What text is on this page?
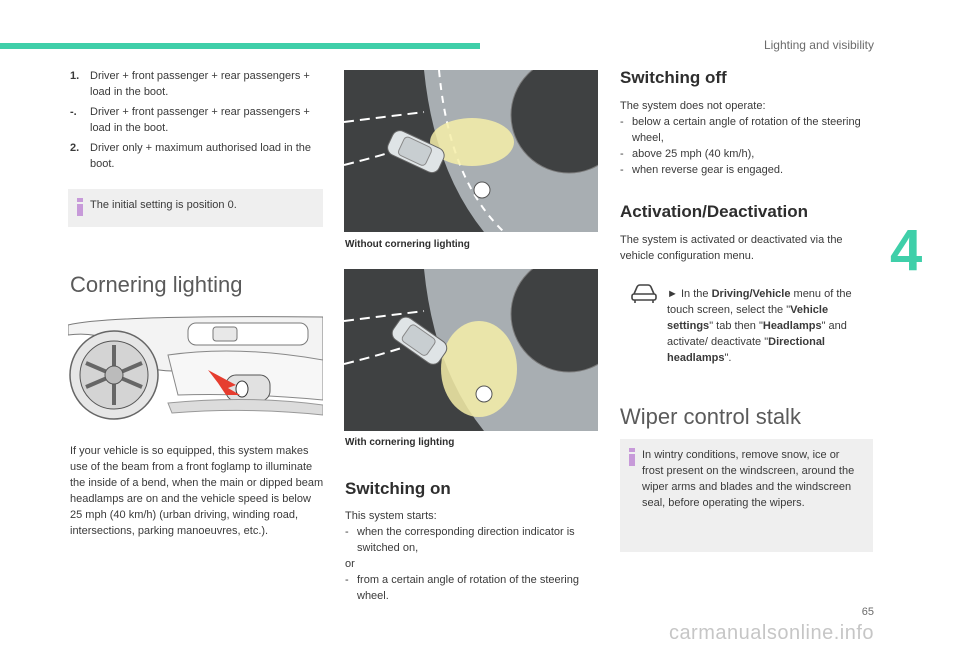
Lighting and visibility
4
1. Driver + front passenger + rear passengers + load in the boot.
-.	Driver + front passenger + rear passengers + load in the boot.
2. Driver only + maximum authorised load in the boot.
The initial setting is position 0.
Cornering lighting
If your vehicle is so equipped, this system makes use of the beam from a front foglamp to illuminate the inside of a bend, when the main or dipped beam headlamps are on and the vehicle speed is below 25 mph (40 km/h) (urban driving, winding road, intersections, parking manoeuvres, etc.).
Without cornering lighting
With cornering lighting
Switching on
This system starts:
- when the corresponding direction indicator is switched on,
or
- from a certain angle of rotation of the steering wheel.
Switching off
The system does not operate:
- below a certain angle of rotation of the steering wheel,
- above 25 mph (40 km/h),
- when reverse gear is engaged.
Activation/Deactivation
The system is activated or deactivated via the vehicle configuration menu.
► In the Driving/Vehicle menu of the touch screen, select the "Vehicle settings" tab then "Headlamps" and activate/ deactivate "Directional headlamps".
Wiper control stalk
In wintry conditions, remove snow, ice or frost present on the windscreen, around the wiper arms and blades and the windscreen seal, before operating the wipers.
65
carmanualsonline.info
